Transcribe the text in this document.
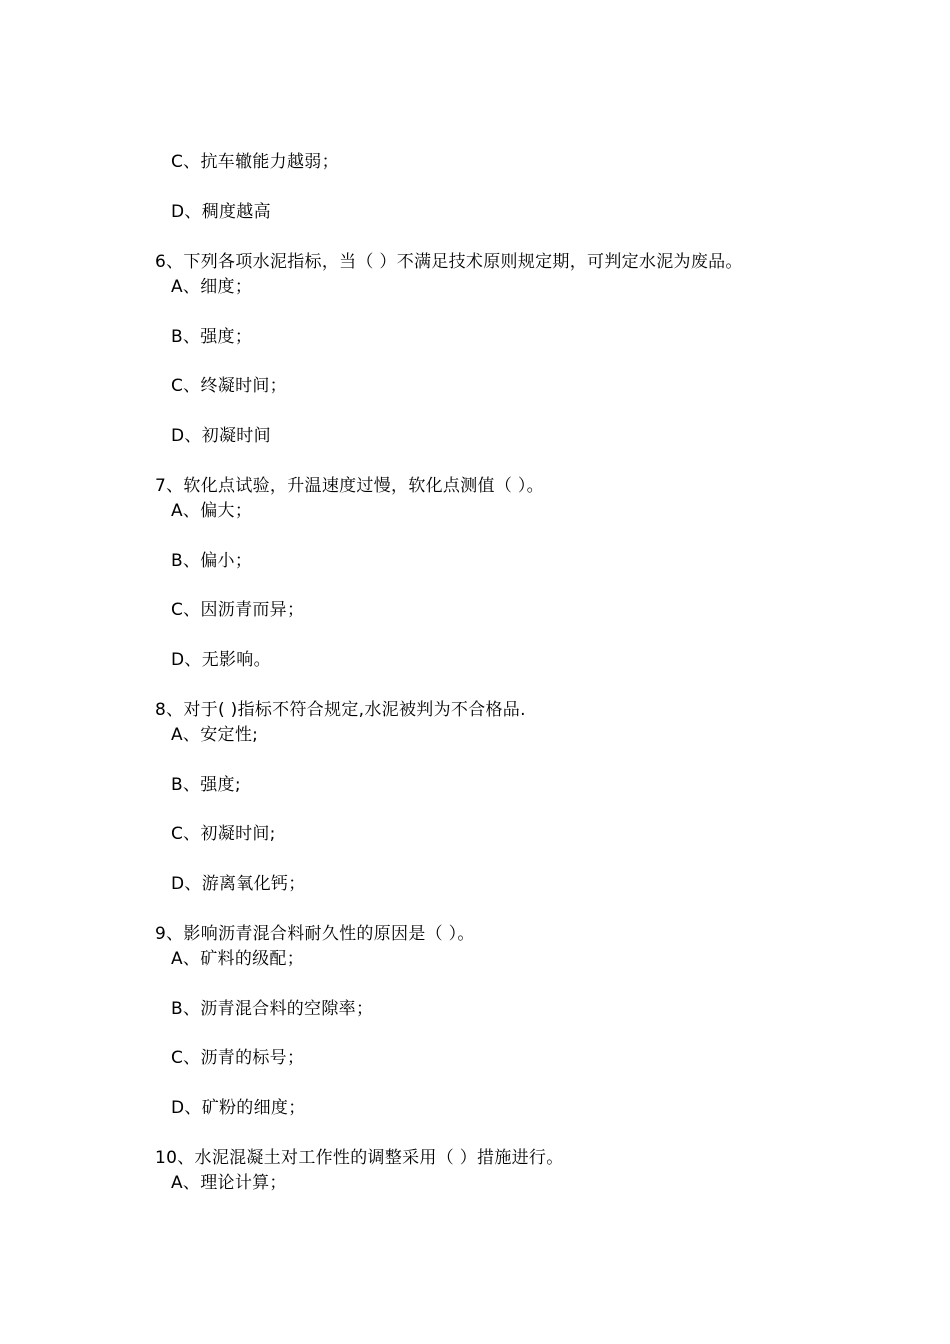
C、抗车辙能力越弱；
D、稠度越高
6、下列各项水泥指标，当（ ）不满足技术原则规定期，可判定水泥为废品。
A、细度；
B、强度；
C、终凝时间；
D、初凝时间
7、软化点试验，升温速度过慢，软化点测值（ ）。
A、偏大；
B、偏小；
C、因沥青而异；
D、无影响。
8、对于( )指标不符合规定,水泥被判为不合格品.
A、安定性;
B、强度;
C、初凝时间;
D、游离氧化钙；
9、影响沥青混合料耐久性的原因是（ ）。
A、矿料的级配；
B、沥青混合料的空隙率；
C、沥青的标号；
D、矿粉的细度；
10、水泥混凝土对工作性的调整采用（ ）措施进行。
A、理论计算；
